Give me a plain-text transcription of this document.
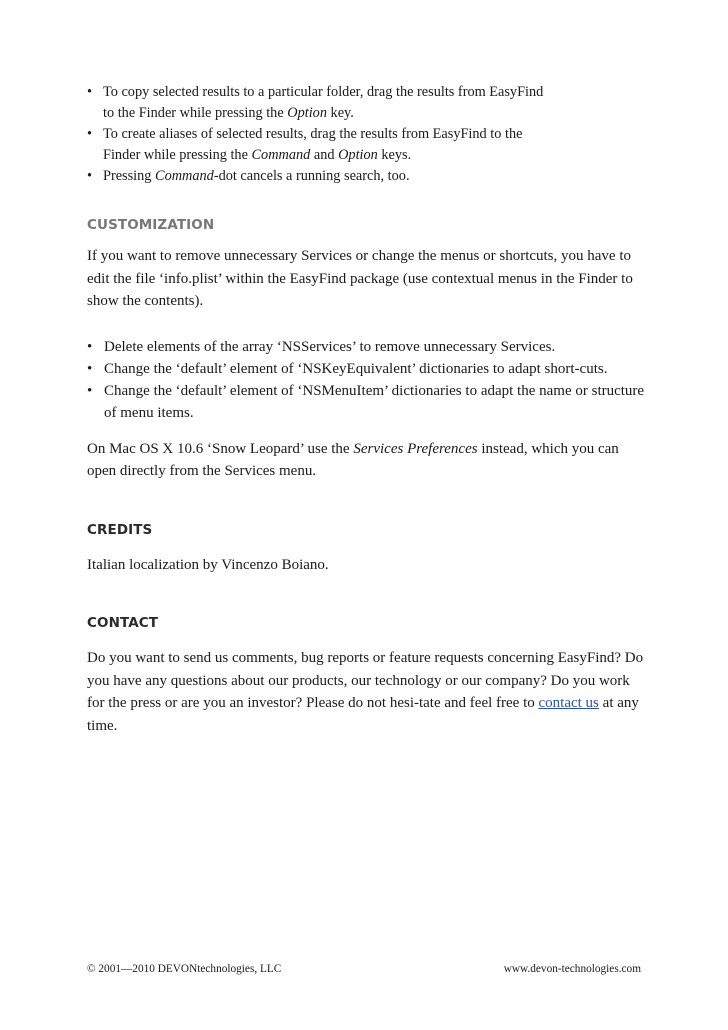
• To copy selected results to a particular folder, drag the results from EasyFind
to the Finder while pressing the Option key.
• To create aliases of selected results, drag the results from EasyFind to the
Finder while pressing the Command and Option keys.
• Pressing Command-dot cancels a running search, too.
CUSTOMIZATION

If you want to remove unnecessary Services or change the menus or shortcuts, you have to edit the file ‘info.plist’ within the EasyFind package (use contextual menus in the Finder to show the contents).

• Delete elements of the array ‘NSServices’ to remove unnecessary Services.
• Change the ‘default’ element of ‘NSKeyEquivalent’ dictionaries to adapt short-cuts.
• Change the ‘default’ element of ‘NSMenuItem’ dictionaries to adapt the name or structure of menu items.

On Mac OS X 10.6 ‘Snow Leopard’ use the Services Preferences instead, which you can open directly from the Services menu.

CREDITS

Italian localization by Vincenzo Boiano.

CONTACT

Do you want to send us comments, bug reports or feature requests concerning EasyFind? Do you have any questions about our products, our technology or our company? Do you work for the press or are you an investor? Please do not hesi-tate and feel free to contact us at any time.

© 2001—2010 DEVONtechnologies, LLC	www.devon-technologies.com
